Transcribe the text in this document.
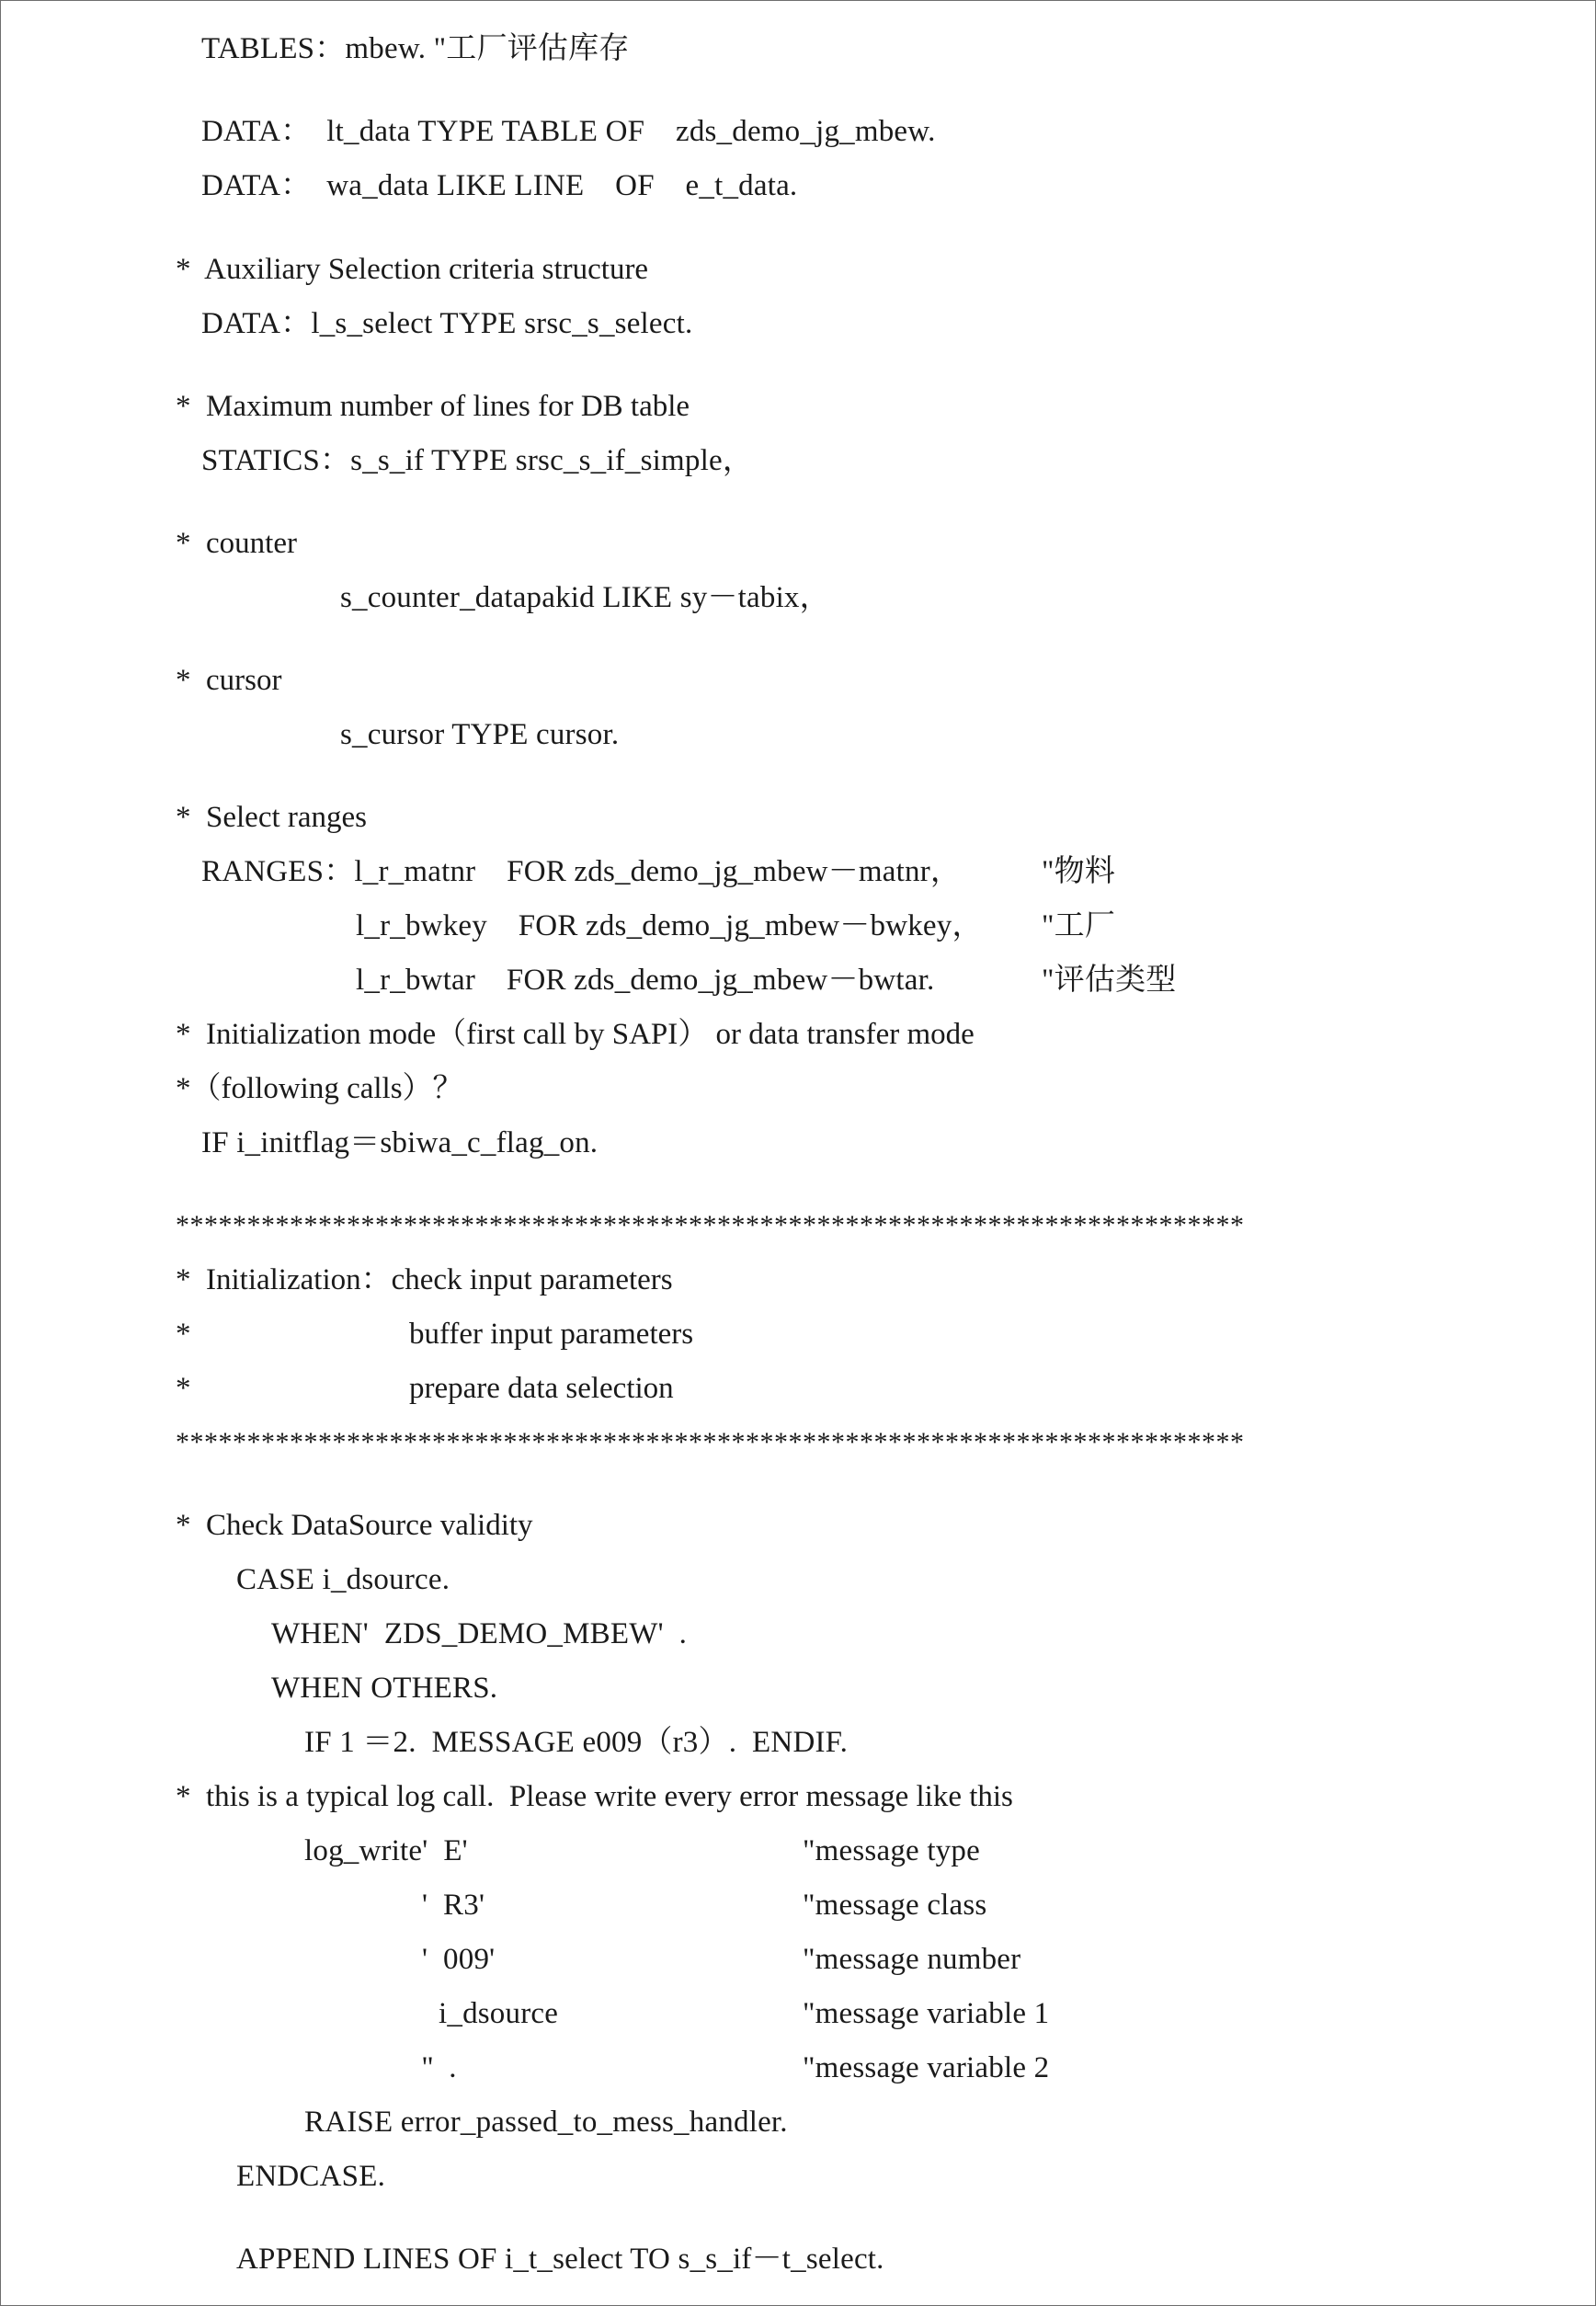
TABLES：mbew. "工厂评估库存
DATA：  lt_data TYPE TABLE OF    zds_demo_jg_mbew.
DATA：  wa_data LIKE LINE    OF    e_t_data.
*  Auxiliary Selection criteria structure
DATA：l_s_select TYPE srsc_s_select.
*  Maximum number of lines for DB table
STATICS：s_s_if TYPE srsc_s_if_simple，
*  counter
s_counter_datapakid LIKE sy－tabix，
*  cursor
s_cursor TYPE cursor.
*  Select ranges
RANGES：l_r_matnr    FOR zds_demo_jg_mbew－matnr，	"物料
l_r_bwkey    FOR zds_demo_jg_mbew－bwkey， "工厂
l_r_bwtar    FOR zds_demo_jg_mbew－bwtar.	"评估类型
*  Initialization mode（first call by SAPI） or data transfer mode
*（following calls）？
IF i_initflag＝sbiwa_c_flag_on.
***************************************************************************
*  Initialization：check input parameters
*	buffer input parameters
*	prepare data selection
***************************************************************************
*  Check DataSource validity
CASE i_dsource.
WHEN'  ZDS_DEMO_MBEW'  .
WHEN OTHERS.
IF 1 ＝2.  MESSAGE e009（r3）.  ENDIF.
*  this is a typical log call.  Please write every error message like this
log_write'  E'	"message type
'  R3'	"message class
'  009'	"message number
i_dsource	"message variable 1
''  .	"message variable 2
RAISE error_passed_to_mess_handler.
ENDCASE.
APPEND LINES OF i_t_select TO s_s_if－t_select.
